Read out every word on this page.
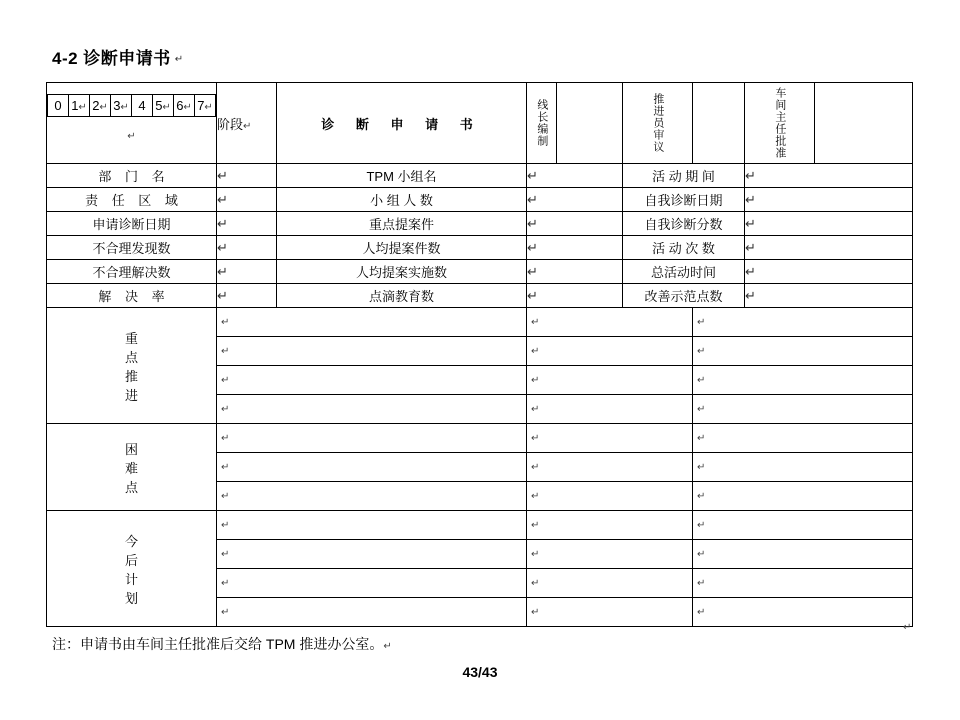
4-2 诊断申请书 ↵
0	1↵	2↵	3↵	4	5↵	6↵	7↵
↵
	阶段↵	诊 断 申 请 书	线长编制		推进员审议		车间主任批准

部 门 名	↵	TPM 小组名	↵	活 动 期 间	↵
责 任 区 域	↵	小 组 人 数	↵	自我诊断日期	↵
申请诊断日期	↵	重点提案件	↵	自我诊断分数	↵
不合理发现数	↵	人均提案件数	↵	活 动 次 数	↵
不合理解决数	↵	人均提案实施数	↵	总活动时间	↵
解 决 率	↵	点滴教育数	↵	改善示范点数	↵

重
点
推
进

↵	↵	↵

↵	↵	↵

↵	↵	↵

↵	↵	↵

困
难
点

↵	↵	↵

↵	↵	↵

↵	↵	↵

今
后
计
划

↵	↵	↵

↵	↵	↵

↵	↵	↵

↵	↵	↵
注：申请书由车间主任批准后交给 TPM 推进办公室。↵
↵
43/43
